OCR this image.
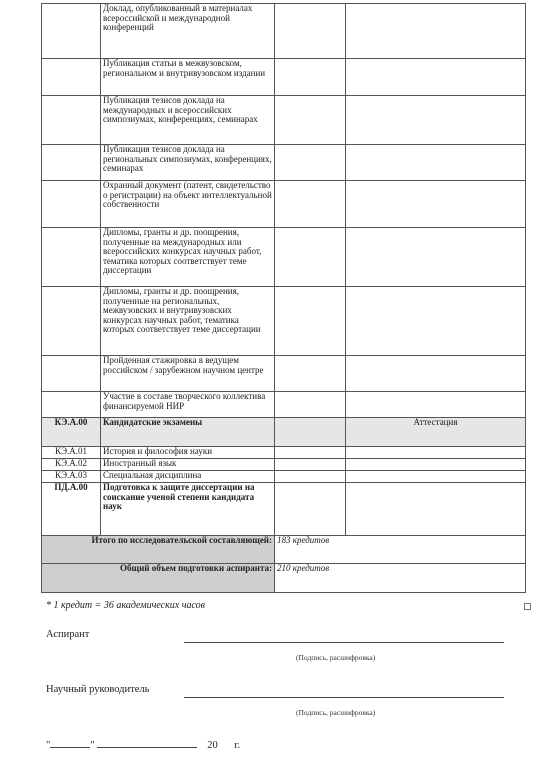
	Доклад, опубликованный в материалах всероссийской и международной конференций		
	Публикация статьи в межвузовском, региональном и внутривузовском издании		
	Публикация тезисов доклада на международных и всероссийских симпозиумах, конференциях, семинарах		
	Публикация тезисов доклада на региональных симпозиумах, конференциях, семинарах		
	Охранный документ (патент, свидетельство о регистрации) на объект интеллектуальной собственности		
	Дипломы, гранты и др. поощрения, полученные на международных или всероссийских конкурсах научных работ, тематика которых соответствует теме диссертации		
	Дипломы, гранты и др. поощрения, полученные на региональных, межвузовских и внутривузовских конкурсах научных работ, тематика которых соответствует теме диссертации		
	Пройденная стажировка в ведущем российском / зарубежном научном центре		
	Участие в составе творческого коллектива финансируемой НИР		
КЭ.А.00	Кандидатские экзамены		Аттестация
КЭ.А.01	История и философия науки		
КЭ.А.02	Иностранный язык		
КЭ.А.03	Специальная дисциплина		
ПД.А.00	Подготовка к защите диссертации на соискание ученой степени кандидата наук		
Итого по исследовательской составляющей:		183 кредитов	
Общий объем подготовки аспиранта:		210 кредитов	
* 1 кредит = 36 академических часов
Аспирант
(Подпись, расшифровка)
Научный руководитель
(Подпись, расшифровка)
"	"	20 г.
